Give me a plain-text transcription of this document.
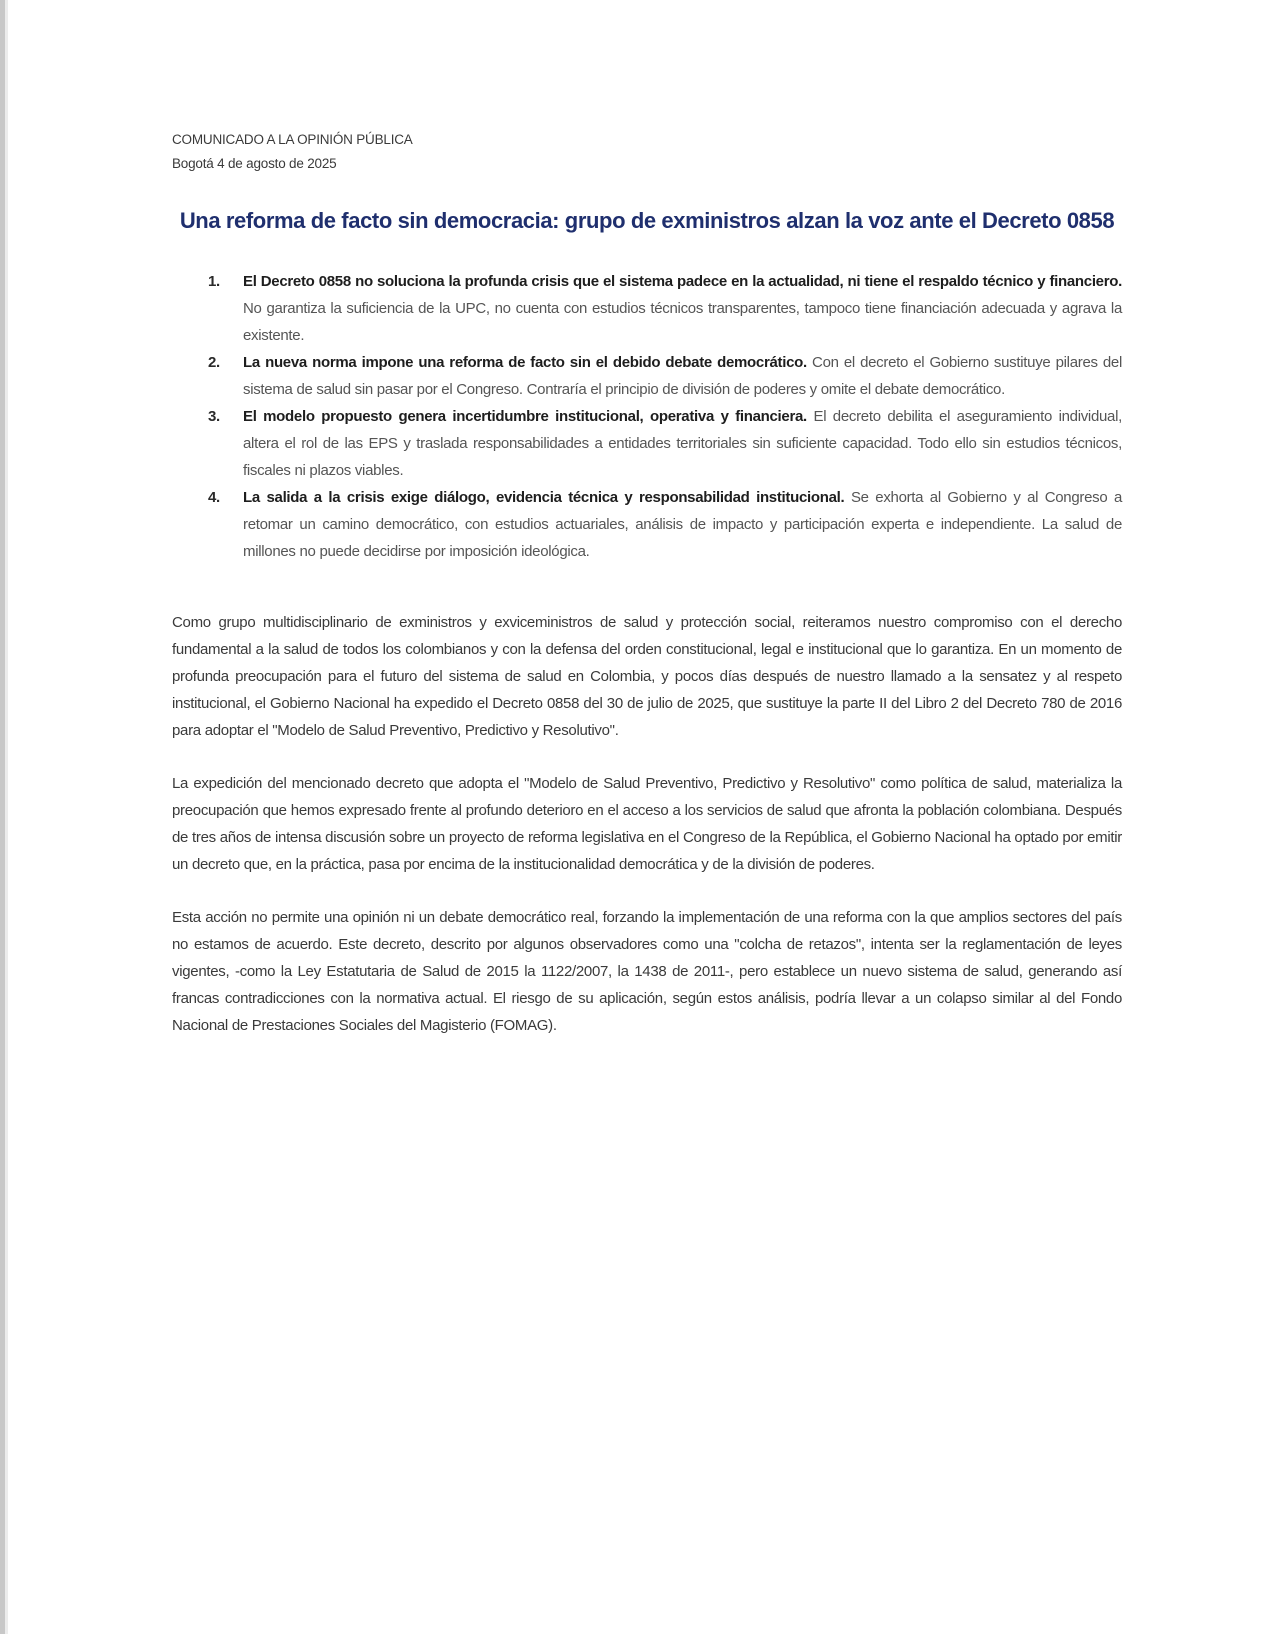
COMUNICADO A LA OPINIÓN PÚBLICA
Bogotá 4 de agosto de 2025
Una reforma de facto sin democracia: grupo de exministros alzan la voz ante el Decreto 0858
1. El Decreto 0858 no soluciona la profunda crisis que el sistema padece en la actualidad, ni tiene el respaldo técnico y financiero. No garantiza la suficiencia de la UPC, no cuenta con estudios técnicos transparentes, tampoco tiene financiación adecuada y agrava la existente.
2. La nueva norma impone una reforma de facto sin el debido debate democrático. Con el decreto el Gobierno sustituye pilares del sistema de salud sin pasar por el Congreso. Contraría el principio de división de poderes y omite el debate democrático.
3. El modelo propuesto genera incertidumbre institucional, operativa y financiera. El decreto debilita el aseguramiento individual, altera el rol de las EPS y traslada responsabilidades a entidades territoriales sin suficiente capacidad. Todo ello sin estudios técnicos, fiscales ni plazos viables.
4. La salida a la crisis exige diálogo, evidencia técnica y responsabilidad institucional. Se exhorta al Gobierno y al Congreso a retomar un camino democrático, con estudios actuariales, análisis de impacto y participación experta e independiente. La salud de millones no puede decidirse por imposición ideológica.

Como grupo multidisciplinario de exministros y exviceministros de salud y protección social, reiteramos nuestro compromiso con el derecho fundamental a la salud de todos los colombianos y con la defensa del orden constitucional, legal e institucional que lo garantiza. En un momento de profunda preocupación para el futuro del sistema de salud en Colombia, y pocos días después de nuestro llamado a la sensatez y al respeto institucional, el Gobierno Nacional ha expedido el Decreto 0858 del 30 de julio de 2025, que sustituye la parte II del Libro 2 del Decreto 780 de 2016 para adoptar el "Modelo de Salud Preventivo, Predictivo y Resolutivo".

La expedición del mencionado decreto que adopta el "Modelo de Salud Preventivo, Predictivo y Resolutivo" como política de salud, materializa la preocupación que hemos expresado frente al profundo deterioro en el acceso a los servicios de salud que afronta la población colombiana. Después de tres años de intensa discusión sobre un proyecto de reforma legislativa en el Congreso de la República, el Gobierno Nacional ha optado por emitir un decreto que, en la práctica, pasa por encima de la institucionalidad democrática y de la división de poderes.

Esta acción no permite una opinión ni un debate democrático real, forzando la implementación de una reforma con la que amplios sectores del país no estamos de acuerdo. Este decreto, descrito por algunos observadores como una "colcha de retazos", intenta ser la reglamentación de leyes vigentes, -como la Ley Estatutaria de Salud de 2015 la 1122/2007, la 1438 de 2011-, pero establece un nuevo sistema de salud, generando así francas contradicciones con la normativa actual. El riesgo de su aplicación, según estos análisis, podría llevar a un colapso similar al del Fondo Nacional de Prestaciones Sociales del Magisterio (FOMAG).
